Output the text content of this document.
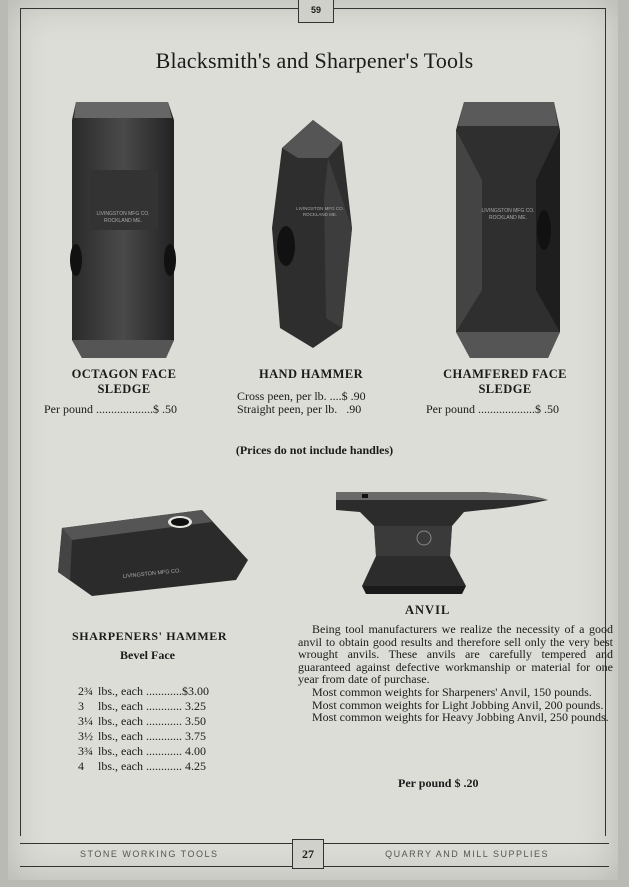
59
Blacksmith's and Sharpener's Tools
LIVINGSTON MFG CO.
ROCKLAND ME.
LIVINGSTON MFG CO.
ROCKLAND ME.
LIVINGSTON MFG CO.
ROCKLAND ME.
OCTAGON FACE
SLEDGE
Per pound ...................$ .50
HAND HAMMER
Cross peen, per lb. ....$ .90
Straight peen, per lb.   .90
CHAMFERED FACE
SLEDGE
Per pound ...................$ .50
(Prices do not include handles)
LIVINGSTON MFG CO.
SHARPENERS' HAMMER
Bevel Face

2¾ lbs., each ............$3.00

3 lbs., each ............ 3.25

3¼ lbs., each ............ 3.50

3½ lbs., each ............ 3.75

3¾ lbs., each ............ 4.00

4 lbs., each ............ 4.25

ANVIL

Being tool manufacturers we realize the necessity of a good anvil to obtain good results and therefore sell only the very best wrought anvils. These anvils are carefully tempered and guaranteed against defective workmanship or material for one year from date of purchase.

Most common weights for Sharpeners' Anvil, 150 pounds.

Most common weights for Light Jobbing Anvil, 200 pounds.

Most common weights for Heavy Jobbing Anvil, 250 pounds.

Per pound $ .20
STONE WORKING TOOLS	QUARRY AND MILL SUPPLIES
27
